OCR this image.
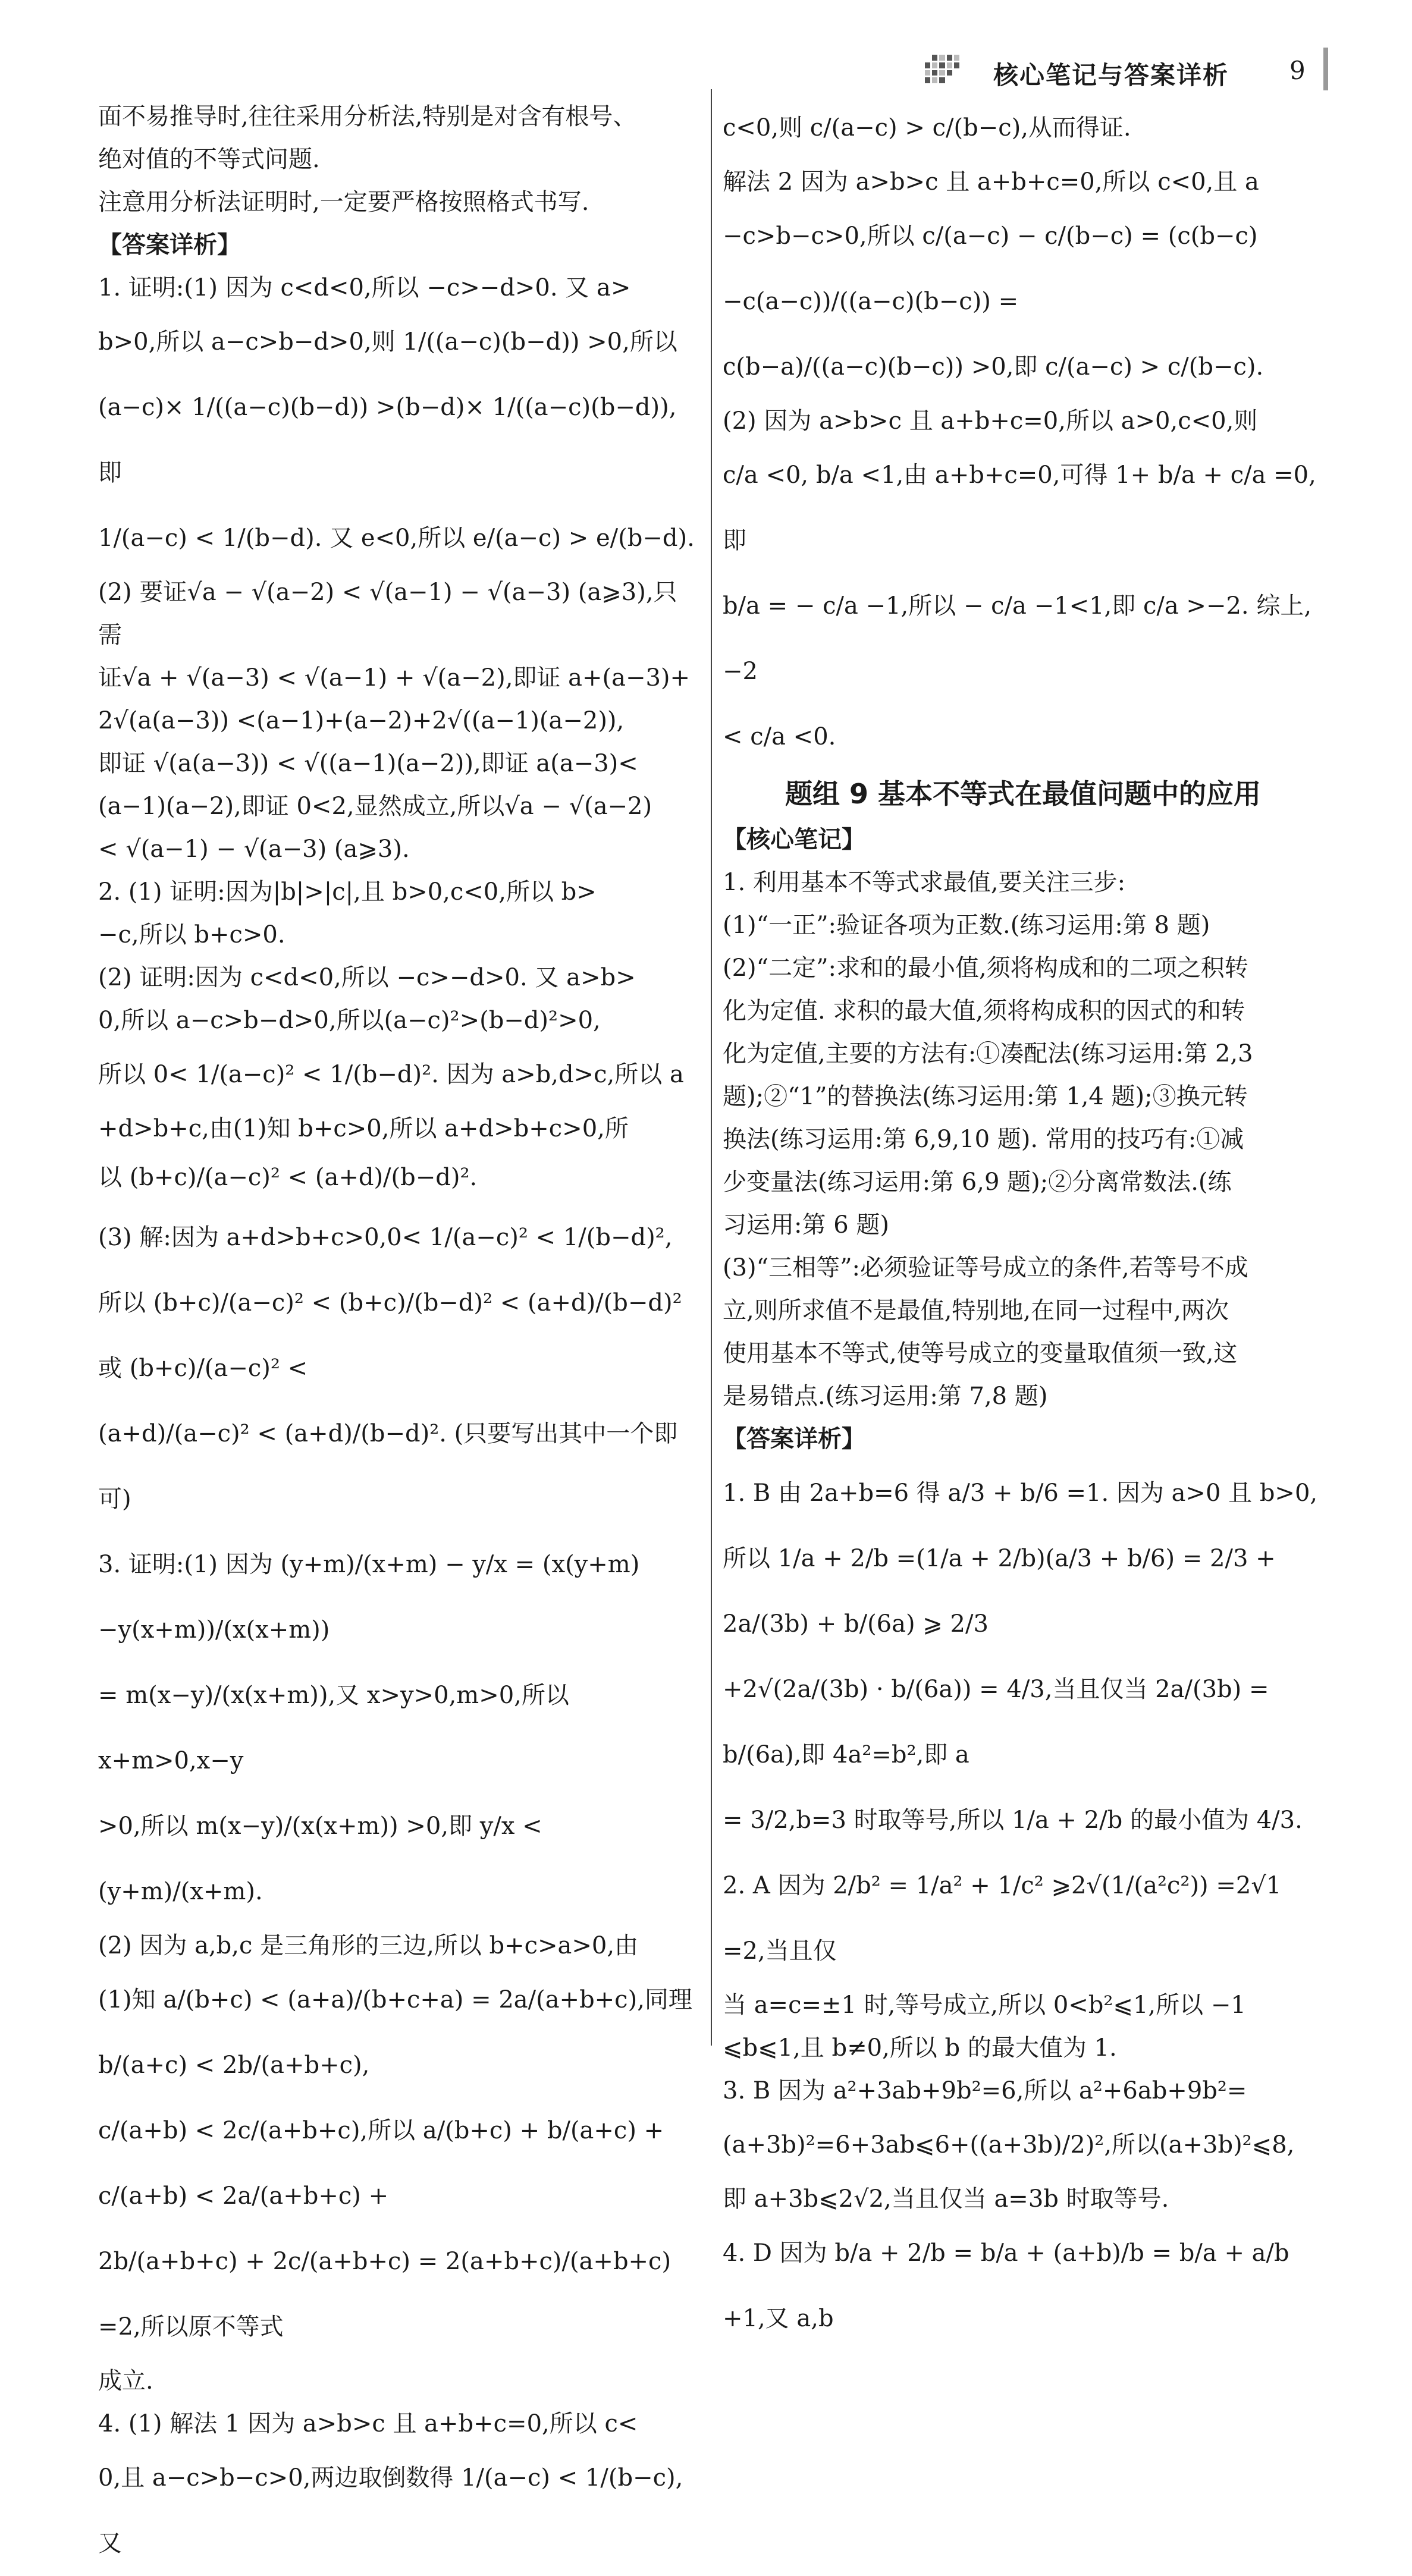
核心笔记与答案详析 9

面不易推导时,往往采用分析法,特别是对含有根号、

绝对值的不等式问题.

注意用分析法证明时,一定要严格按照格式书写.

【答案详析】

1. 证明:(1) 因为 c<d<0,所以 −c>−d>0. 又 a>

b>0,所以 a−c>b−d>0,则 1/((a−c)(b−d)) >0,所以

(a−c)× 1/((a−c)(b−d)) >(b−d)× 1/((a−c)(b−d)),即

1/(a−c) < 1/(b−d). 又 e<0,所以 e/(a−c) > e/(b−d).

(2) 要证√a − √(a−2) < √(a−1) − √(a−3) (a⩾3),只需

证√a + √(a−3) < √(a−1) + √(a−2),即证 a+(a−3)+

2√(a(a−3)) <(a−1)+(a−2)+2√((a−1)(a−2)),

即证 √(a(a−3)) < √((a−1)(a−2)),即证 a(a−3)<

(a−1)(a−2),即证 0<2,显然成立,所以√a − √(a−2)

< √(a−1) − √(a−3) (a⩾3).

2. (1) 证明:因为|b|>|c|,且 b>0,c<0,所以 b>

−c,所以 b+c>0.

(2) 证明:因为 c<d<0,所以 −c>−d>0. 又 a>b>

0,所以 a−c>b−d>0,所以(a−c)²>(b−d)²>0,

所以 0< 1/(a−c)² < 1/(b−d)². 因为 a>b,d>c,所以 a

+d>b+c,由(1)知 b+c>0,所以 a+d>b+c>0,所

以 (b+c)/(a−c)² < (a+d)/(b−d)².

(3) 解:因为 a+d>b+c>0,0< 1/(a−c)² < 1/(b−d)²,

所以 (b+c)/(a−c)² < (b+c)/(b−d)² < (a+d)/(b−d)² 或 (b+c)/(a−c)² <

(a+d)/(a−c)² < (a+d)/(b−d)². (只要写出其中一个即可)

3. 证明:(1) 因为 (y+m)/(x+m) − y/x = (x(y+m)−y(x+m))/(x(x+m))

= m(x−y)/(x(x+m)),又 x>y>0,m>0,所以 x+m>0,x−y

>0,所以 m(x−y)/(x(x+m)) >0,即 y/x < (y+m)/(x+m).

(2) 因为 a,b,c 是三角形的三边,所以 b+c>a>0,由

(1)知 a/(b+c) < (a+a)/(b+c+a) = 2a/(a+b+c),同理 b/(a+c) < 2b/(a+b+c),

c/(a+b) < 2c/(a+b+c),所以 a/(b+c) + b/(a+c) + c/(a+b) < 2a/(a+b+c) +

2b/(a+b+c) + 2c/(a+b+c) = 2(a+b+c)/(a+b+c) =2,所以原不等式

成立.

4. (1) 解法 1 因为 a>b>c 且 a+b+c=0,所以 c<

0,且 a−c>b−c>0,两边取倒数得 1/(a−c) < 1/(b−c),又

c<0,则 c/(a−c) > c/(b−c),从而得证.

解法 2 因为 a>b>c 且 a+b+c=0,所以 c<0,且 a

−c>b−c>0,所以 c/(a−c) − c/(b−c) = (c(b−c)−c(a−c))/((a−c)(b−c)) =

c(b−a)/((a−c)(b−c)) >0,即 c/(a−c) > c/(b−c).

(2) 因为 a>b>c 且 a+b+c=0,所以 a>0,c<0,则

c/a <0, b/a <1,由 a+b+c=0,可得 1+ b/a + c/a =0,即

b/a = − c/a −1,所以 − c/a −1<1,即 c/a >−2. 综上,−2

< c/a <0.

题组 9 基本不等式在最值问题中的应用

【核心笔记】

1. 利用基本不等式求最值,要关注三步:

(1)“一正”:验证各项为正数.(练习运用:第 8 题)

(2)“二定”:求和的最小值,须将构成和的二项之积转

化为定值. 求积的最大值,须将构成积的因式的和转

化为定值,主要的方法有:①凑配法(练习运用:第 2,3

题);②“1”的替换法(练习运用:第 1,4 题);③换元转

换法(练习运用:第 6,9,10 题). 常用的技巧有:①减

少变量法(练习运用:第 6,9 题);②分离常数法.(练

习运用:第 6 题)

(3)“三相等”:必须验证等号成立的条件,若等号不成

立,则所求值不是最值,特别地,在同一过程中,两次

使用基本不等式,使等号成立的变量取值须一致,这

是易错点.(练习运用:第 7,8 题)

【答案详析】

1. B 由 2a+b=6 得 a/3 + b/6 =1. 因为 a>0 且 b>0,

所以 1/a + 2/b =(1/a + 2/b)(a/3 + b/6) = 2/3 + 2a/(3b) + b/(6a) ⩾ 2/3

+2√(2a/(3b) · b/(6a)) = 4/3,当且仅当 2a/(3b) = b/(6a),即 4a²=b²,即 a

= 3/2,b=3 时取等号,所以 1/a + 2/b 的最小值为 4/3.

2. A 因为 2/b² = 1/a² + 1/c² ⩾2√(1/(a²c²)) =2√1 =2,当且仅

当 a=c=±1 时,等号成立,所以 0<b²⩽1,所以 −1

⩽b⩽1,且 b≠0,所以 b 的最大值为 1.

3. B 因为 a²+3ab+9b²=6,所以 a²+6ab+9b²=

(a+3b)²=6+3ab⩽6+((a+3b)/2)²,所以(a+3b)²⩽8,

即 a+3b⩽2√2,当且仅当 a=3b 时取等号.

4. D 因为 b/a + 2/b = b/a + (a+b)/b = b/a + a/b +1,又 a,b
